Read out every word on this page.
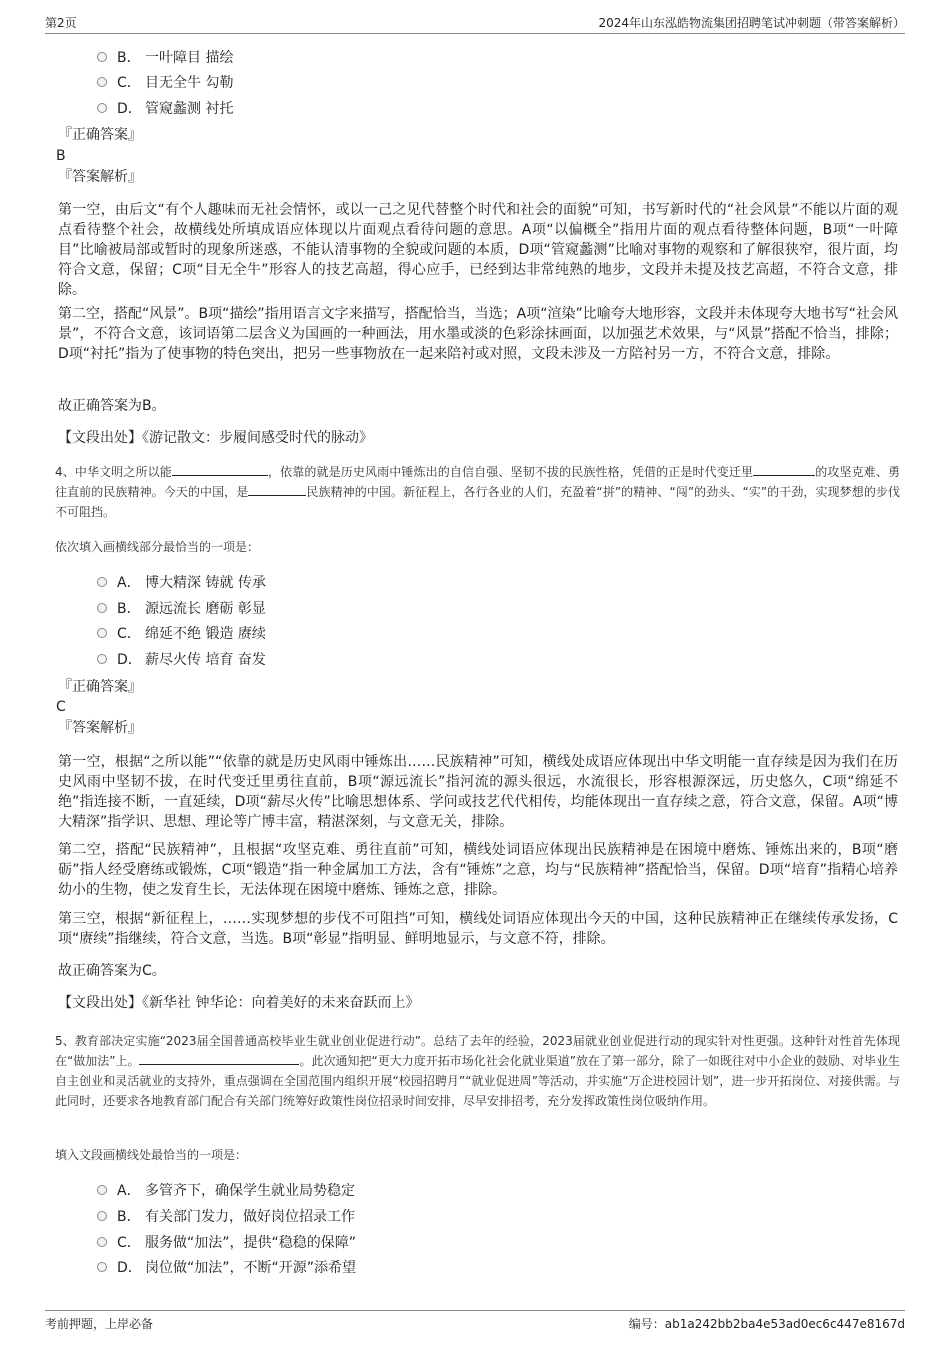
第2页	2024年山东泓皓物流集团招聘笔试冲刺题（带答案解析）
B． 一叶障目 描绘
C． 目无全牛 勾勒
D． 管窥蠡测 衬托
『正确答案』
B
『答案解析』
第一空，由后文“有个人趣味而无社会情怀，或以一己之见代替整个时代和社会的面貌”可知，书写新时代的“社会风景”不能以片面的观点看待整个社会，故横线处所填成语应体现以片面观点看待问题的意思。A项“以偏概全”指用片面的观点看待整体问题，B项“一叶障目”比喻被局部或暂时的现象所迷惑，不能认清事物的全貌或问题的本质，D项“管窥蠡测”比喻对事物的观察和了解很狭窄，很片面，均符合文意，保留；C项“目无全牛”形容人的技艺高超，得心应手，已经到达非常纯熟的地步，文段并未提及技艺高超，不符合文意，排除。
第二空，搭配“风景”。B项“描绘”指用语言文字来描写，搭配恰当，当选；A项“渲染”比喻夸大地形容，文段并未体现夸大地书写“社会风景”，不符合文意，该词语第二层含义为国画的一种画法，用水墨或淡的色彩涂抹画面，以加强艺术效果，与“风景”搭配不恰当，排除；D项“衬托”指为了使事物的特色突出，把另一些事物放在一起来陪衬或对照，文段未涉及一方陪衬另一方，不符合文意，排除。
故正确答案为B。
【文段出处】《游记散文：步履间感受时代的脉动》
4、中华文明之所以能	，依靠的就是历史风雨中锤炼出的自信自强、坚韧不拔的民族性格，凭借的正是时代变迁里	的攻坚克难、勇往直前的民族精神。今天的中国，是	民族精神的中国。新征程上，各行各业的人们，充盈着“拼”的精神、“闯”的劲头、“实”的干劲，实现梦想的步伐不可阻挡。
依次填入画横线部分最恰当的一项是：
A． 博大精深 铸就 传承
B． 源远流长 磨砺 彰显
C． 绵延不绝 锻造 赓续
D． 薪尽火传 培育 奋发
『正确答案』
C
『答案解析』
第一空，根据“之所以能”“依靠的就是历史风雨中锤炼出……民族精神”可知，横线处成语应体现出中华文明能一直存续是因为我们在历史风雨中坚韧不拔，在时代变迁里勇往直前，B项“源远流长”指河流的源头很远，水流很长，形容根源深远，历史悠久，C项“绵延不绝”指连接不断，一直延续，D项“薪尽火传”比喻思想体系、学问或技艺代代相传，均能体现出一直存续之意，符合文意，保留。A项“博大精深”指学识、思想、理论等广博丰富，精湛深刻，与文意无关，排除。
第二空，搭配“民族精神”，且根据“攻坚克难、勇往直前”可知，横线处词语应体现出民族精神是在困境中磨炼、锤炼出来的，B项“磨砺”指人经受磨练或锻炼，C项“锻造”指一种金属加工方法，含有“锤炼”之意，均与“民族精神”搭配恰当，保留。D项“培育”指精心培养幼小的生物，使之发育生长，无法体现在困境中磨炼、锤炼之意，排除。
第三空，根据“新征程上，……实现梦想的步伐不可阻挡”可知，横线处词语应体现出今天的中国，这种民族精神正在继续传承发扬，C项“赓续”指继续，符合文意，当选。B项“彰显”指明显、鲜明地显示，与文意不符，排除。
故正确答案为C。
【文段出处】《新华社 钟华论：向着美好的未来奋跃而上》
5、教育部决定实施“2023届全国普通高校毕业生就业创业促进行动”。总结了去年的经验，2023届就业创业促进行动的现实针对性更强。这种针对性首先体现在“做加法”上。	。此次通知把“更大力度开拓市场化社会化就业渠道”放在了第一部分，除了一如既往对中小企业的鼓励、对毕业生自主创业和灵活就业的支持外，重点强调在全国范围内组织开展“校园招聘月”“就业促进周”等活动，并实施“万企进校园计划”，进一步开拓岗位、对接供需。与此同时，还要求各地教育部门配合有关部门统筹好政策性岗位招录时间安排，尽早安排招考，充分发挥政策性岗位吸纳作用。
填入文段画横线处最恰当的一项是：
A． 多管齐下，确保学生就业局势稳定
B． 有关部门发力，做好岗位招录工作
C． 服务做“加法”，提供“稳稳的保障”
D． 岗位做“加法”，不断“开源”添希望
考前押题，上岸必备	编号：ab1a242bb2ba4e53ad0ec6c447e8167d
